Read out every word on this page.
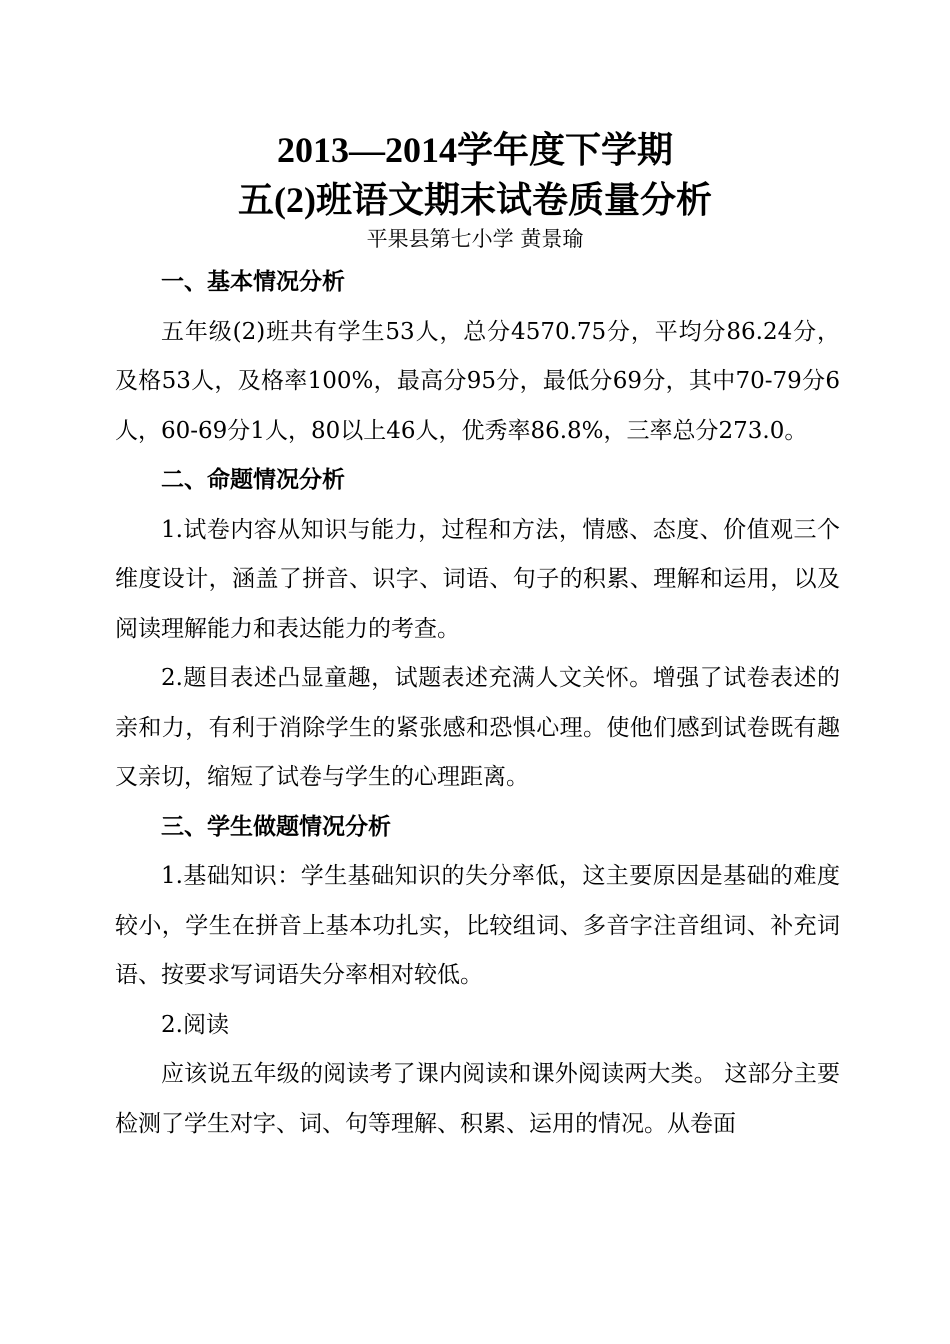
2013—2014学年度下学期
五(2)班语文期末试卷质量分析
平果县第七小学 黄景瑜
一、基本情况分析

五年级(2)班共有学生53人，总分4570.75分，平均分86.24分，及格53人，及格率100%，最高分95分，最低分69分，其中70-79分6人，60-69分1人，80以上46人，优秀率86.8%，三率总分273.0。

二、命题情况分析

1.试卷内容从知识与能力，过程和方法，情感、态度、价值观三个维度设计，涵盖了拼音、识字、词语、句子的积累、理解和运用，以及阅读理解能力和表达能力的考查。

2.题目表述凸显童趣，试题表述充满人文关怀。增强了试卷表述的亲和力，有利于消除学生的紧张感和恐惧心理。使他们感到试卷既有趣又亲切，缩短了试卷与学生的心理距离。

三、学生做题情况分析

1.基础知识：学生基础知识的失分率低，这主要原因是基础的难度较小，学生在拼音上基本功扎实，比较组词、多音字注音组词、补充词语、按要求写词语失分率相对较低。

2.阅读

应该说五年级的阅读考了课内阅读和课外阅读两大类。 这部分主要检测了学生对字、词、句等理解、积累、运用的情况。从卷面
